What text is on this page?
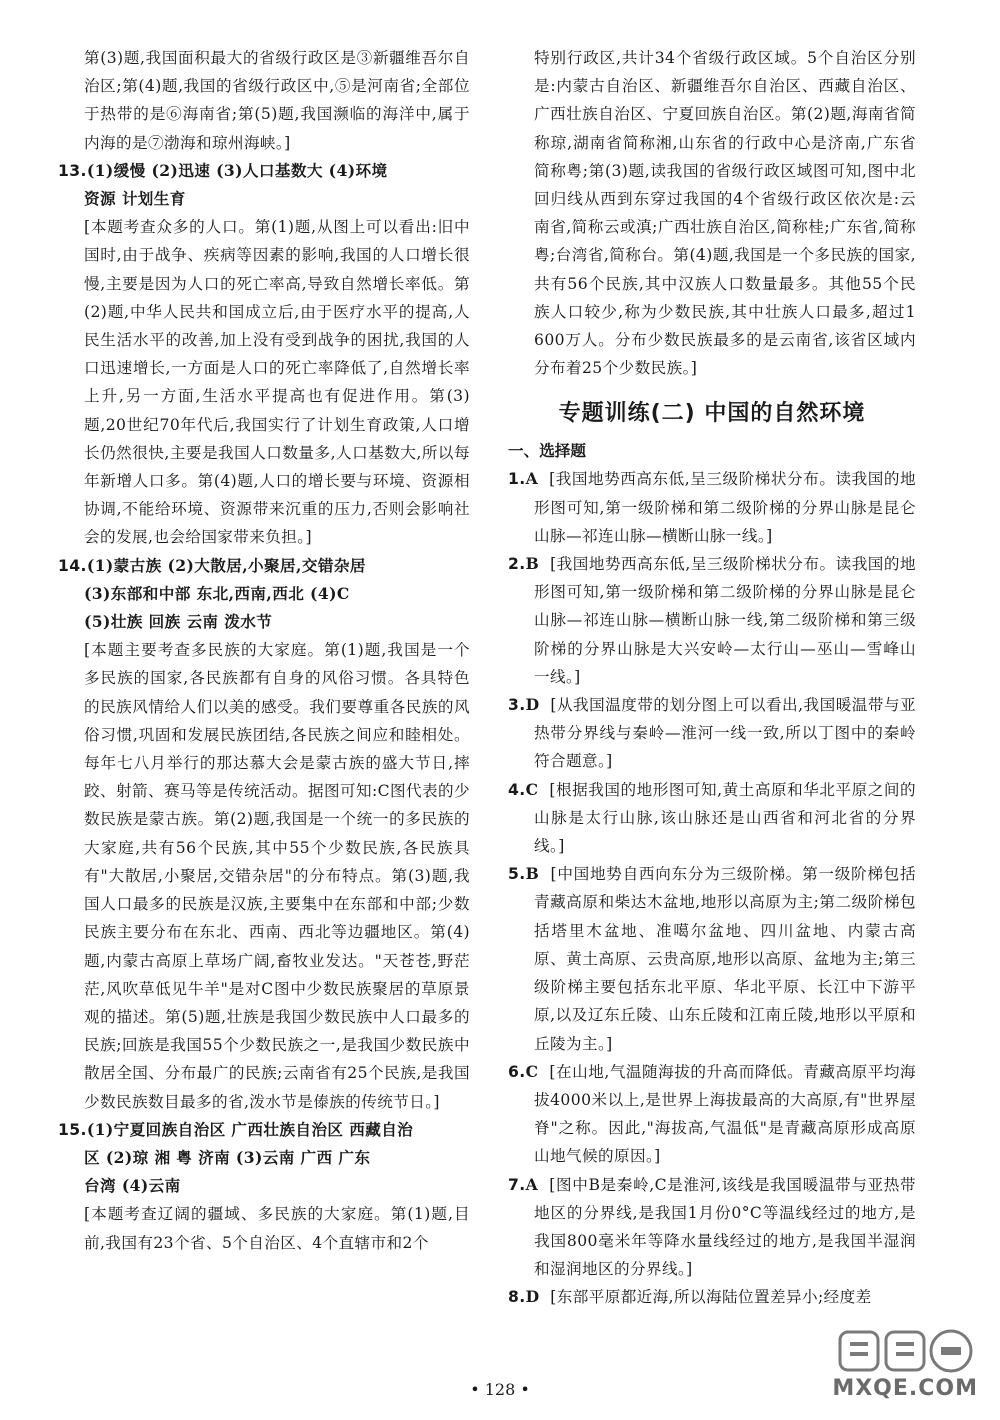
第(3)题,我国面积最大的省级行政区是③新疆维吾尔自治区;第(4)题,我国的省级行政区中,⑤是河南省;全部位于热带的是⑥海南省;第(5)题,我国濒临的海洋中,属于内海的是⑦渤海和琼州海峡。]
13.(1)缓慢 (2)迅速 (3)人口基数大 (4)环境
资源 计划生育
[本题考查众多的人口。第(1)题,从图上可以看出:旧中国时,由于战争、疾病等因素的影响,我国的人口增长很慢,主要是因为人口的死亡率高,导致自然增长率低。第(2)题,中华人民共和国成立后,由于医疗水平的提高,人民生活水平的改善,加上没有受到战争的困扰,我国的人口迅速增长,一方面是人口的死亡率降低了,自然增长率上升,另一方面,生活水平提高也有促进作用。第(3)题,20世纪70年代后,我国实行了计划生育政策,人口增长仍然很快,主要是我国人口数量多,人口基数大,所以每年新增人口多。第(4)题,人口的增长要与环境、资源相协调,不能给环境、资源带来沉重的压力,否则会影响社会的发展,也会给国家带来负担。]
14.(1)蒙古族 (2)大散居,小聚居,交错杂居
(3)东部和中部 东北,西南,西北 (4)C
(5)壮族 回族 云南 泼水节
[本题主要考查多民族的大家庭。第(1)题,我国是一个多民族的国家,各民族都有自身的风俗习惯。各具特色的民族风情给人们以美的感受。我们要尊重各民族的风俗习惯,巩固和发展民族团结,各民族之间应和睦相处。每年七八月举行的那达慕大会是蒙古族的盛大节日,摔跤、射箭、赛马等是传统活动。据图可知:C图代表的少数民族是蒙古族。第(2)题,我国是一个统一的多民族的大家庭,共有56个民族,其中55个少数民族,各民族具有"大散居,小聚居,交错杂居"的分布特点。第(3)题,我国人口最多的民族是汉族,主要集中在东部和中部;少数民族主要分布在东北、西南、西北等边疆地区。第(4)题,内蒙古高原上草场广阔,畜牧业发达。"天苍苍,野茫茫,风吹草低见牛羊"是对C图中少数民族聚居的草原景观的描述。第(5)题,壮族是我国少数民族中人口最多的民族;回族是我国55个少数民族之一,是我国少数民族中散居全国、分布最广的民族;云南省有25个民族,是我国少数民族数目最多的省,泼水节是傣族的传统节日。]
15.(1)宁夏回族自治区 广西壮族自治区 西藏自治
区 (2)琼 湘 粤 济南 (3)云南 广西 广东
台湾 (4)云南
[本题考查辽阔的疆域、多民族的大家庭。第(1)题,目前,我国有23个省、5个自治区、4个直辖市和2个
特别行政区,共计34个省级行政区域。5个自治区分别是:内蒙古自治区、新疆维吾尔自治区、西藏自治区、广西壮族自治区、宁夏回族自治区。第(2)题,海南省简称琼,湖南省简称湘,山东省的行政中心是济南,广东省简称粤;第(3)题,读我国的省级行政区域图可知,图中北回归线从西到东穿过我国的4个省级行政区依次是:云南省,简称云或滇;广西壮族自治区,简称桂;广东省,简称粤;台湾省,简称台。第(4)题,我国是一个多民族的国家,共有56个民族,其中汉族人口数量最多。其他55个民族人口较少,称为少数民族,其中壮族人口最多,超过1 600万人。分布少数民族最多的是云南省,该省区域内分布着25个少数民族。]
专题训练(二) 中国的自然环境
一、选择题
1.A [我国地势西高东低,呈三级阶梯状分布。读我国的地形图可知,第一级阶梯和第二级阶梯的分界山脉是昆仑山脉—祁连山脉—横断山脉一线。]
2.B [我国地势西高东低,呈三级阶梯状分布。读我国的地形图可知,第一级阶梯和第二级阶梯的分界山脉是昆仑山脉—祁连山脉—横断山脉一线,第二级阶梯和第三级阶梯的分界山脉是大兴安岭—太行山—巫山—雪峰山一线。]
3.D [从我国温度带的划分图上可以看出,我国暖温带与亚热带分界线与秦岭—淮河一线一致,所以丁图中的秦岭符合题意。]
4.C [根据我国的地形图可知,黄土高原和华北平原之间的山脉是太行山脉,该山脉还是山西省和河北省的分界线。]
5.B [中国地势自西向东分为三级阶梯。第一级阶梯包括青藏高原和柴达木盆地,地形以高原为主;第二级阶梯包括塔里木盆地、准噶尔盆地、四川盆地、内蒙古高原、黄土高原、云贵高原,地形以高原、盆地为主;第三级阶梯主要包括东北平原、华北平原、长江中下游平原,以及辽东丘陵、山东丘陵和江南丘陵,地形以平原和丘陵为主。]
6.C [在山地,气温随海拔的升高而降低。青藏高原平均海拔4000米以上,是世界上海拔最高的大高原,有"世界屋脊"之称。因此,"海拔高,气温低"是青藏高原形成高原山地气候的原因。]
7.A [图中B是秦岭,C是淮河,该线是我国暖温带与亚热带地区的分界线,是我国1月份0°C等温线经过的地方,是我国800毫米年等降水量线经过的地方,是我国半湿润和湿润地区的分界线。]
8.D [东部平原都近海,所以海陆位置差异小;经度差
• 128 •	MXQE.COM
